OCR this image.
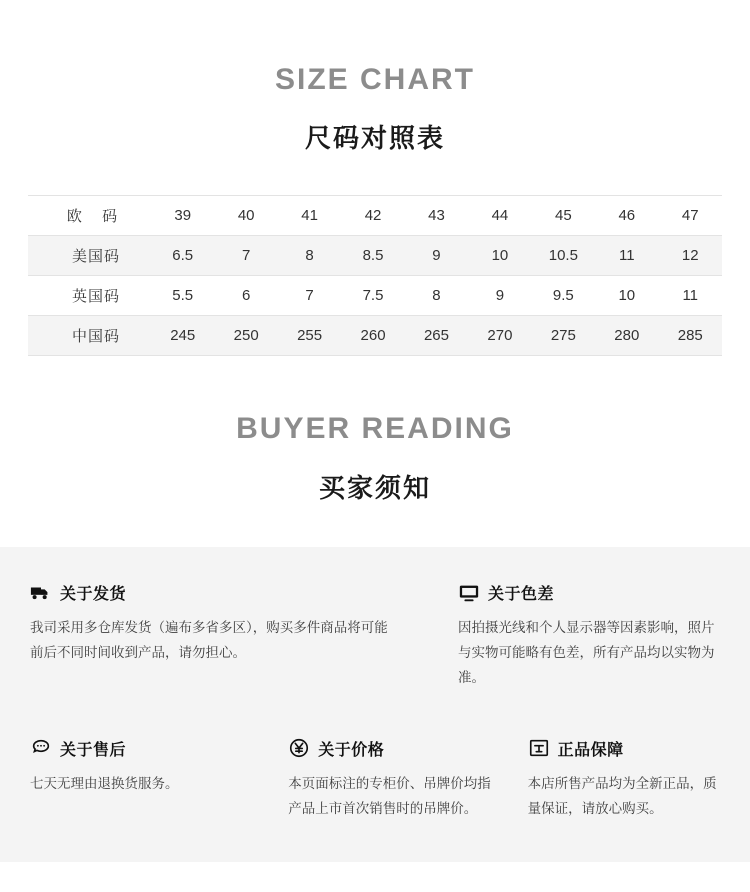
SIZE CHART
尺码对照表
欧 码	39	40	41	42	43	44	45	46	47
美国码	6.5	7	8	8.5	9	10	10.5	11	12
英国码	5.5	6	7	7.5	8	9	9.5	10	11
中国码	245	250	255	260	265	270	275	280	285
BUYER READING
买家须知
关于发货
我司采用多仓库发货（遍布多省多区），购买多件商品将可能前后不同时间收到产品，请勿担心。
关于色差
因拍摄光线和个人显示器等因素影响，照片与实物可能略有色差，所有产品均以实物为准。
关于售后
七天无理由退换货服务。
关于价格
本页面标注的专柜价、吊牌价均指产品上市首次销售时的吊牌价。
正品保障
本店所售产品均为全新正品，质量保证，请放心购买。
